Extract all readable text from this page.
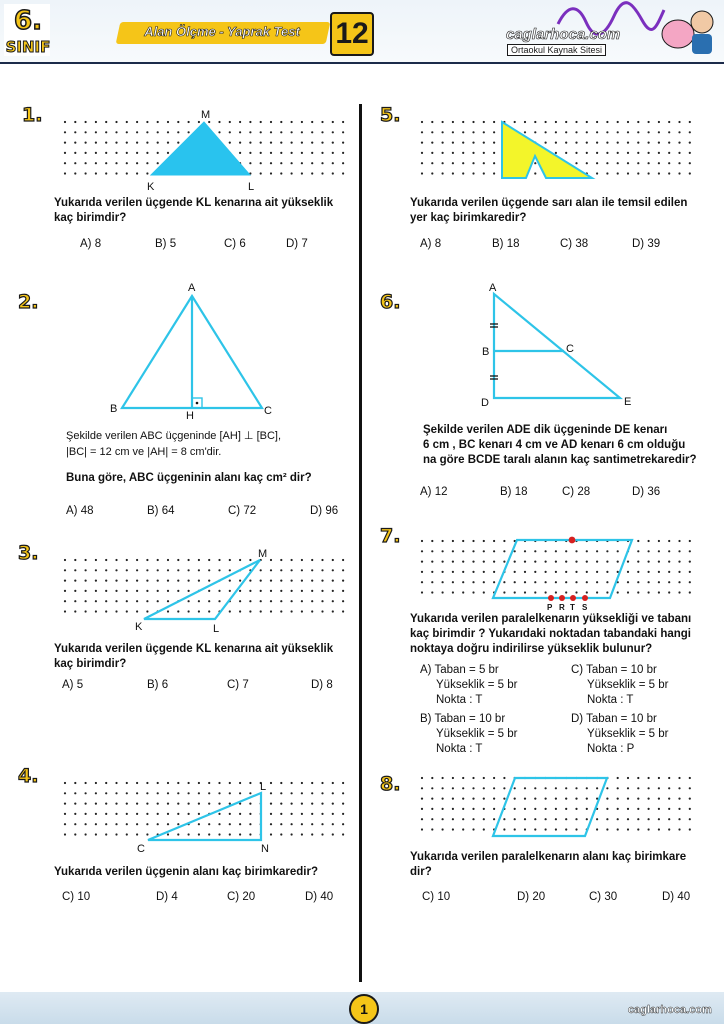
6.
SINIF
Alan Ölçme - Yaprak Test	12	caglarhoca.com
Ortaokul Kaynak Sitesi
1.	M
K	L
Yukarıda verilen üçgende KL kenarına ait yükseklik
kaç birimdir?
A) 8	B) 5	C) 6	D) 7
2.
A
B
H	C
Şekilde verilen ABC üçgeninde [AH] ⊥ [BC],
|BC| = 12 cm ve |AH| = 8 cm'dir.
Buna göre, ABC üçgeninin alanı kaç cm² dir?
A) 48	B) 64	C) 72	D) 96
3.	M
K	L
Yukarıda verilen üçgende KL kenarına ait yükseklik
kaç birimdir?
A) 5	B) 6	C) 7	D) 8
4.	L
C	N
Yukarıda verilen üçgenin alanı kaç birimkaredir?
C) 10	D) 4	C) 20	D) 40
5.
Yukarıda verilen üçgende sarı alan ile temsil edilen
yer kaç birimkaredir?
A) 8	B) 18	C) 38	D) 39
6.
A
B	C
D	E
Şekilde verilen ADE dik üçgeninde DE kenarı
6 cm , BC kenarı 4 cm ve AD kenarı 6 cm olduğu
na göre BCDE taralı alanın kaç santimetrekaredir?
A) 12	B) 18	C) 28	D) 36
7.
P R T S
Yukarıda verilen paralelkenarın yüksekliği ve tabanı
kaç birimdir ? Yukarıdaki noktadan tabandaki hangi
noktaya doğru indirilirse yükseklik bulunur?
A) Taban = 5 br
Yükseklik = 5 br
Nokta : T
C) Taban = 10 br
Yükseklik = 5 br
Nokta : T
B) Taban = 10 br
Yükseklik = 5 br
Nokta : T
D) Taban = 10 br
Yükseklik = 5 br
Nokta : P
8.
Yukarıda verilen paralelkenarın alanı kaç birimkare
dir?
C) 10	D) 20	C) 30	D) 40
1	caglarhoca.com
